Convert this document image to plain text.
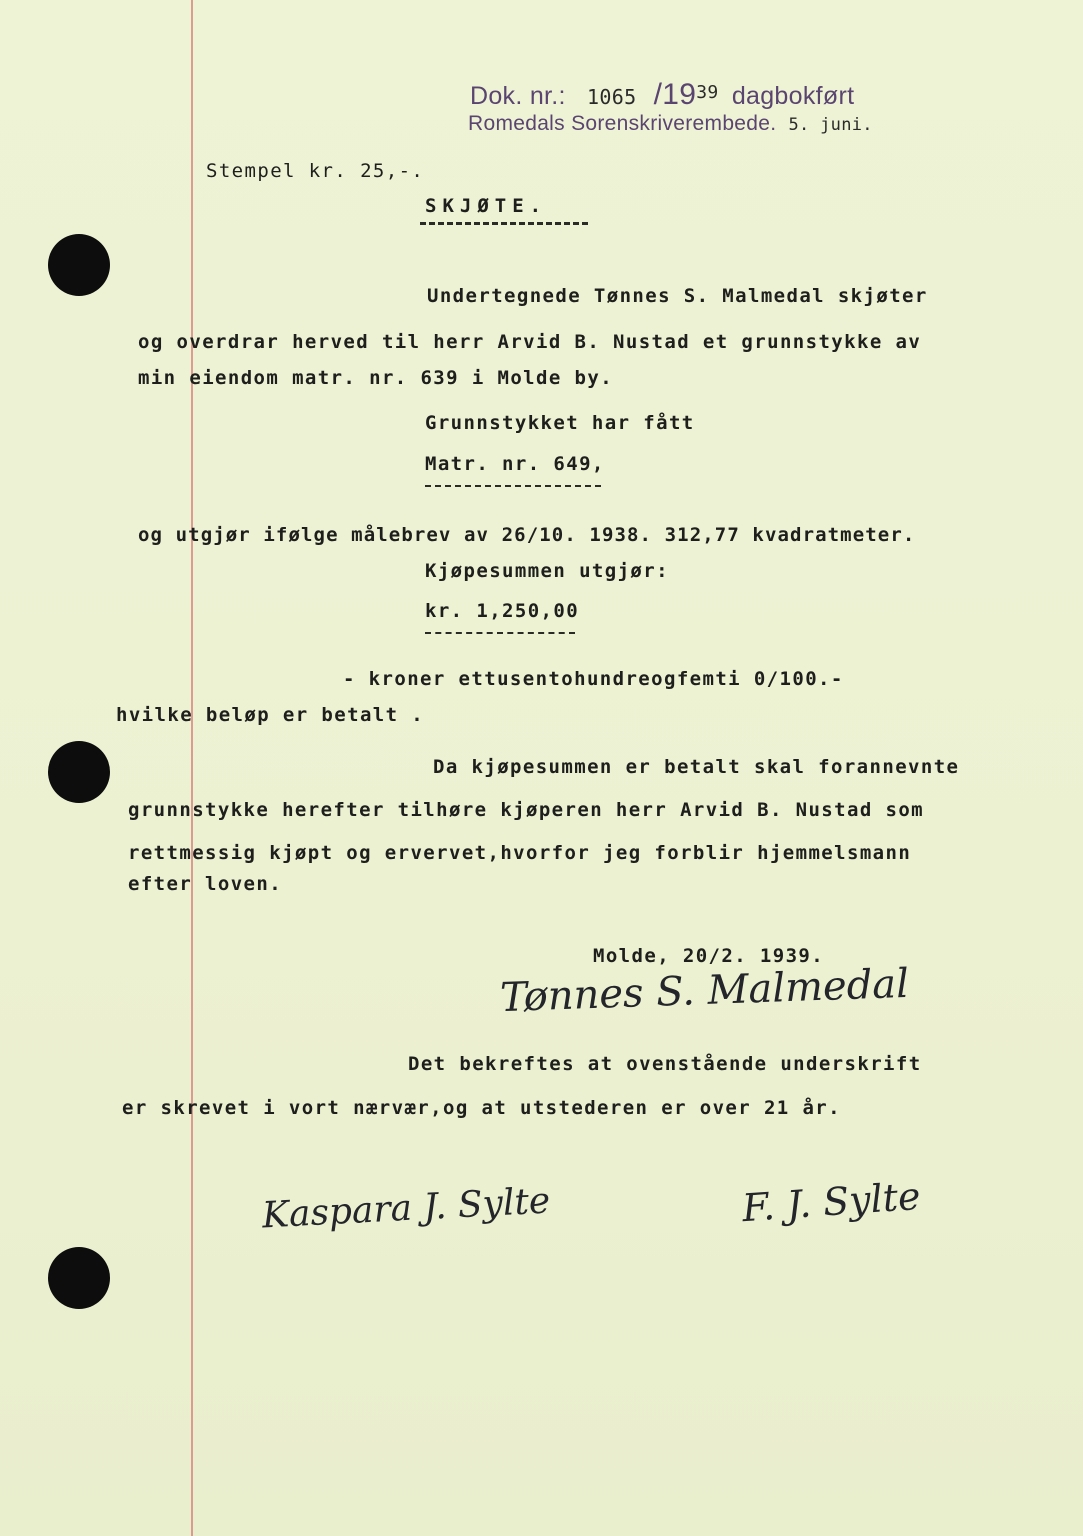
Dok. nr.: 1065 $/19^{39}$ dagbokført
Romedals Sorenskriverembede. 5. juni.
Stempel kr. 25,-.
SKJØTE.
Undertegnede Tønnes S. Malmedal skjøter
og overdrar herved til herr Arvid B. Nustad et grunnstykke av
min eiendom matr. nr. 639 i Molde by.
Grunnstykket har fått
Matr. nr. 649,
og utgjør ifølge målebrev av 26/10. 1938. 312,77 kvadratmeter.
Kjøpesummen utgjør:
kr. 1,250,00
- kroner ettusentohundreogfemti 0/100.-
hvilke beløp er betalt .
Da kjøpesummen er betalt skal forannevnte
grunnstykke herefter tilhøre kjøperen herr Arvid B. Nustad som
rettmessig kjøpt og ervervet,hvorfor jeg forblir hjemmelsmann
efter loven.
Molde, 20/2. 1939.
Tønnes S. Malmedal
Det bekreftes at ovenstående underskrift
er skrevet i vort nærvær,og at utstederen er over 21 år.
Kaspara J. Sylte	F. J. Sylte
